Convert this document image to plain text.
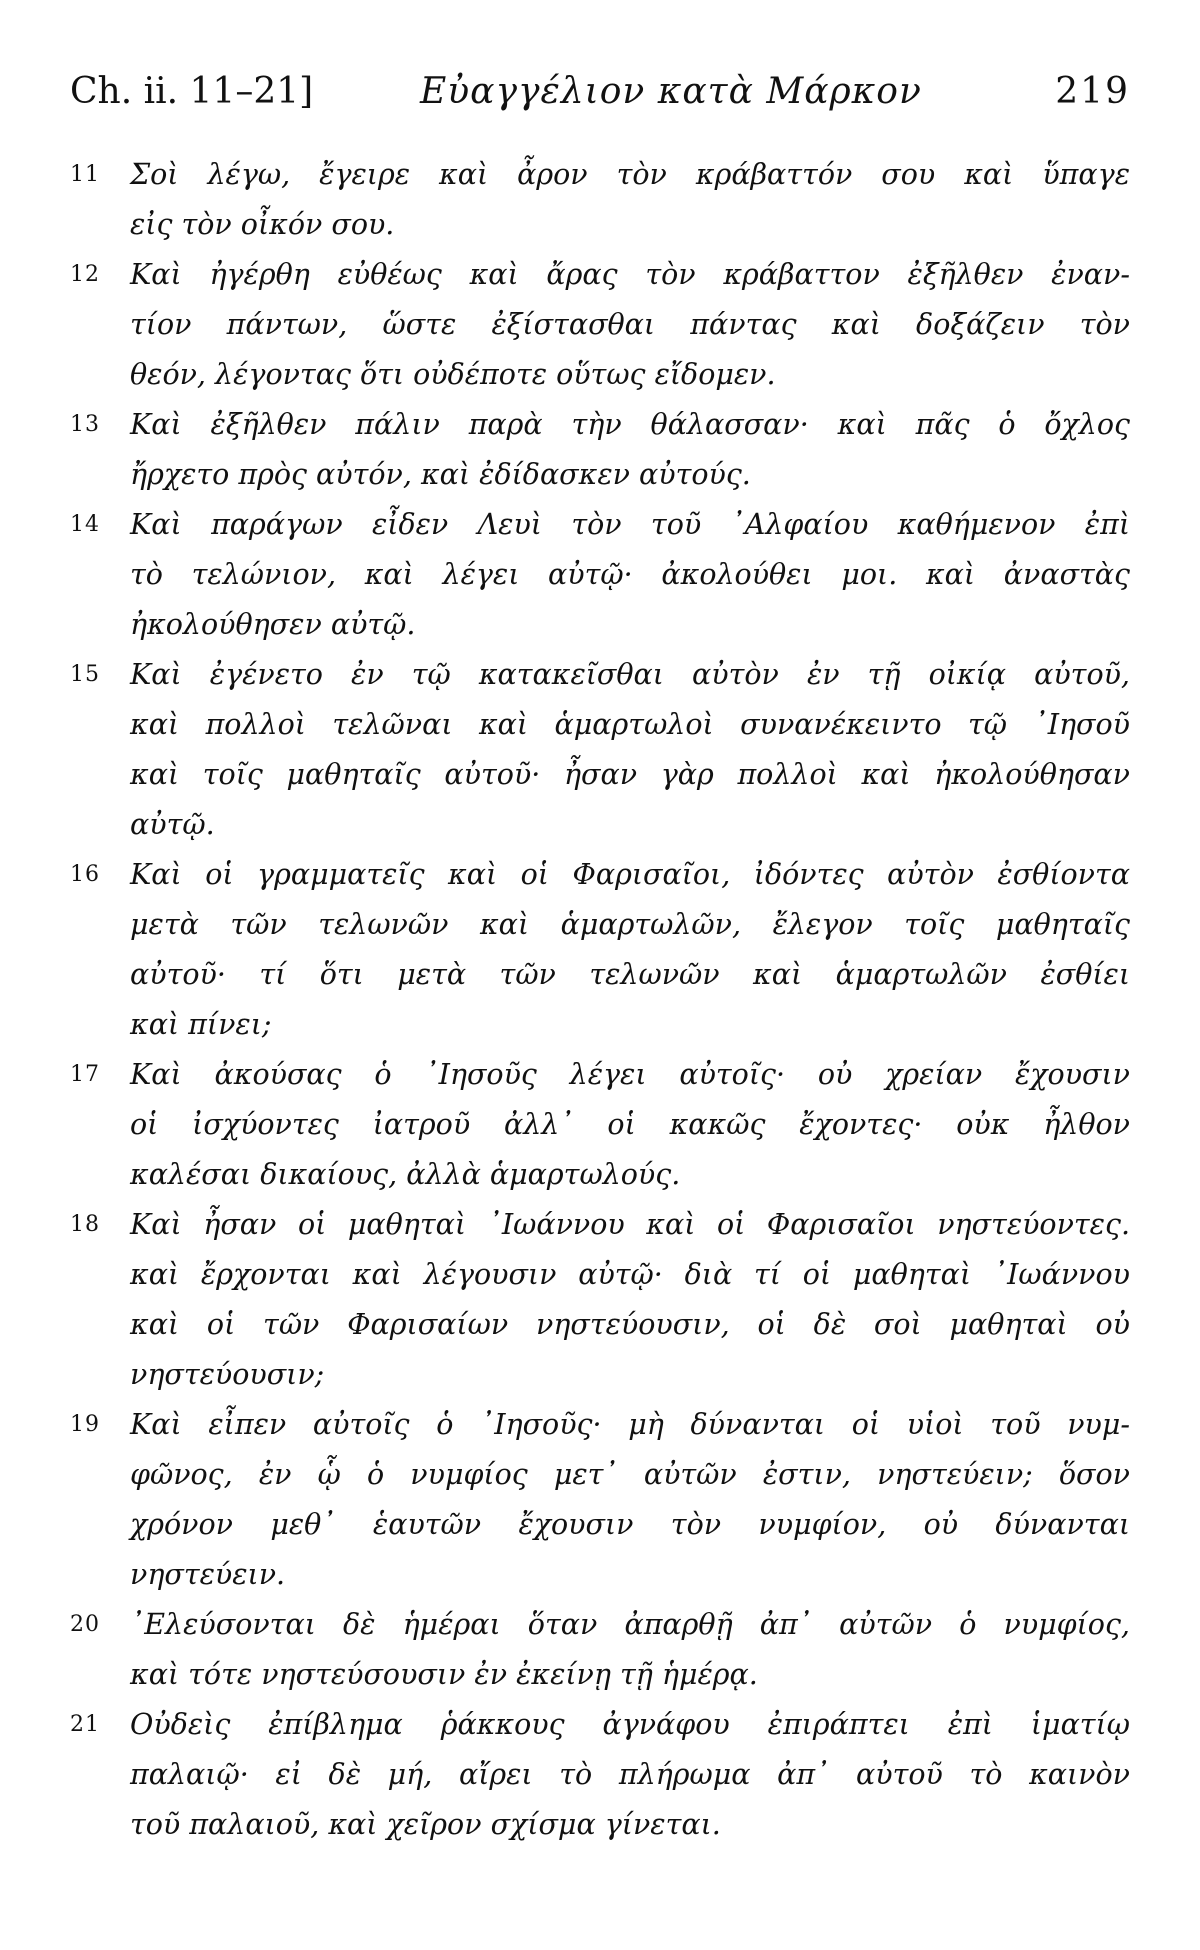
Ch. ii. 11–21]	Εὐαγγέλιον κατὰ Μάρκον	219
11	Σοὶ λέγω, ἔγειρε καὶ ἆρον τὸν κράβαττόν σου καὶ ὕπαγε
εἰς τὸν οἶκόν σου.
12	Καὶ ἠγέρθη εὐθέως καὶ ἄρας τὸν κράβαττον ἐξῆλθεν ἐναν-
τίον πάντων, ὥστε ἐξίστασθαι πάντας καὶ δοξάζειν τὸν
θεόν, λέγοντας ὅτι οὐδέποτε οὕτως εἴδομεν.
13	Καὶ ἐξῆλθεν πάλιν παρὰ τὴν θάλασσαν· καὶ πᾶς ὁ ὄχλος
ἤρχετο πρὸς αὐτόν, καὶ ἐδίδασκεν αὐτούς.
14	Καὶ παράγων εἶδεν Λευὶ τὸν τοῦ ᾿Αλφαίου καθήμενον ἐπὶ
τὸ τελώνιον, καὶ λέγει αὐτῷ· ἀκολούθει μοι. καὶ ἀναστὰς
ἠκολούθησεν αὐτῷ.
15	Καὶ ἐγένετο ἐν τῷ κατακεῖσθαι αὐτὸν ἐν τῇ οἰκίᾳ αὐτοῦ,
καὶ πολλοὶ τελῶναι καὶ ἁμαρτωλοὶ συνανέκειντο τῷ ᾿Ιησοῦ
καὶ τοῖς μαθηταῖς αὐτοῦ· ἦσαν γὰρ πολλοὶ καὶ ἠκολούθησαν
αὐτῷ.
16	Καὶ οἱ γραμματεῖς καὶ οἱ Φαρισαῖοι, ἰδόντες αὐτὸν ἐσθίοντα
μετὰ τῶν τελωνῶν καὶ ἁμαρτωλῶν, ἔλεγον τοῖς μαθηταῖς
αὐτοῦ· τί ὅτι μετὰ τῶν τελωνῶν καὶ ἁμαρτωλῶν ἐσθίει
καὶ πίνει;
17	Καὶ ἀκούσας ὁ ᾿Ιησοῦς λέγει αὐτοῖς· οὐ χρείαν ἔχουσιν
οἱ ἰσχύοντες ἰατροῦ ἀλλ᾿ οἱ κακῶς ἔχοντες· οὐκ ἦλθον
καλέσαι δικαίους, ἀλλὰ ἁμαρτωλούς.
18	Καὶ ἦσαν οἱ μαθηταὶ ᾿Ιωάννου καὶ οἱ Φαρισαῖοι νηστεύοντες.
καὶ ἔρχονται καὶ λέγουσιν αὐτῷ· διὰ τί οἱ μαθηταὶ ᾿Ιωάννου
καὶ οἱ τῶν Φαρισαίων νηστεύουσιν, οἱ δὲ σοὶ μαθηταὶ οὐ
νηστεύουσιν;
19	Καὶ εἶπεν αὐτοῖς ὁ ᾿Ιησοῦς· μὴ δύνανται οἱ υἱοὶ τοῦ νυμ-
φῶνος, ἐν ᾧ ὁ νυμφίος μετ᾿ αὐτῶν ἐστιν, νηστεύειν; ὅσον
χρόνον μεθ᾿ ἑαυτῶν ἔχουσιν τὸν νυμφίον, οὐ δύνανται
νηστεύειν.
20	᾿Ελεύσονται δὲ ἡμέραι ὅταν ἀπαρθῇ ἀπ᾿ αὐτῶν ὁ νυμφίος,
καὶ τότε νηστεύσουσιν ἐν ἐκείνῃ τῇ ἡμέρᾳ.
21	Οὐδεὶς ἐπίβλημα ῥάκκους ἀγνάφου ἐπιράπτει ἐπὶ ἱματίῳ
παλαιῷ· εἰ δὲ μή, αἴρει τὸ πλήρωμα ἀπ᾿ αὐτοῦ τὸ καινὸν
τοῦ παλαιοῦ, καὶ χεῖρον σχίσμα γίνεται.
